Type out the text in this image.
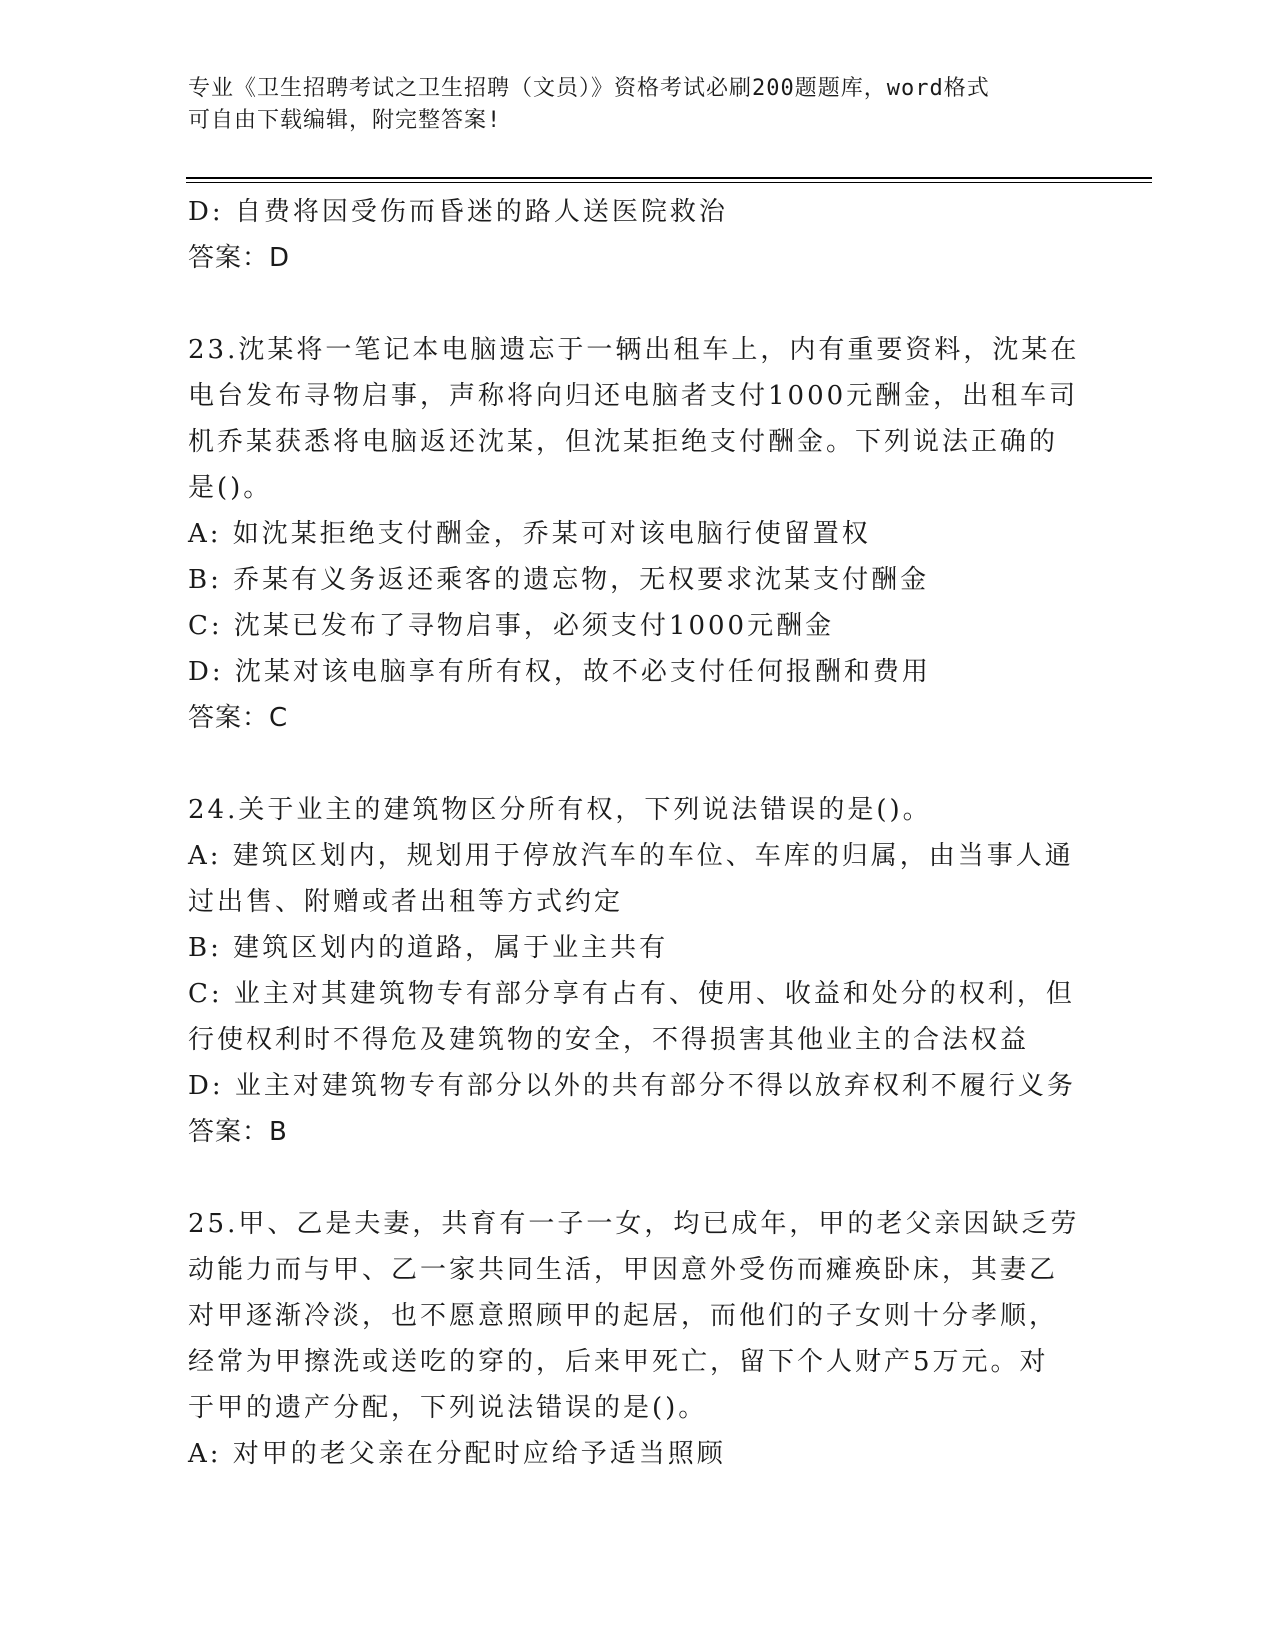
专业《卫生招聘考试之卫生招聘（文员）》资格考试必刷200题题库，word格式
可自由下载编辑，附完整答案!
D: 自费将因受伤而昏迷的路人送医院救治
答案：D
23.沈某将一笔记本电脑遗忘于一辆出租车上，内有重要资料，沈某在
电台发布寻物启事，声称将向归还电脑者支付1000元酬金，出租车司
机乔某获悉将电脑返还沈某，但沈某拒绝支付酬金。下列说法正确的
是()。
A: 如沈某拒绝支付酬金，乔某可对该电脑行使留置权
B: 乔某有义务返还乘客的遗忘物，无权要求沈某支付酬金
C: 沈某已发布了寻物启事，必须支付1000元酬金
D: 沈某对该电脑享有所有权，故不必支付任何报酬和费用
答案：C
24.关于业主的建筑物区分所有权，下列说法错误的是()。
A: 建筑区划内，规划用于停放汽车的车位、车库的归属，由当事人通
过出售、附赠或者出租等方式约定
B: 建筑区划内的道路，属于业主共有
C: 业主对其建筑物专有部分享有占有、使用、收益和处分的权利，但
行使权利时不得危及建筑物的安全，不得损害其他业主的合法权益
D: 业主对建筑物专有部分以外的共有部分不得以放弃权利不履行义务
答案：B
25.甲、乙是夫妻，共育有一子一女，均已成年，甲的老父亲因缺乏劳
动能力而与甲、乙一家共同生活，甲因意外受伤而瘫痪卧床，其妻乙
对甲逐渐冷淡，也不愿意照顾甲的起居，而他们的子女则十分孝顺，
经常为甲擦洗或送吃的穿的，后来甲死亡，留下个人财产5万元。对
于甲的遗产分配，下列说法错误的是()。
A: 对甲的老父亲在分配时应给予适当照顾
